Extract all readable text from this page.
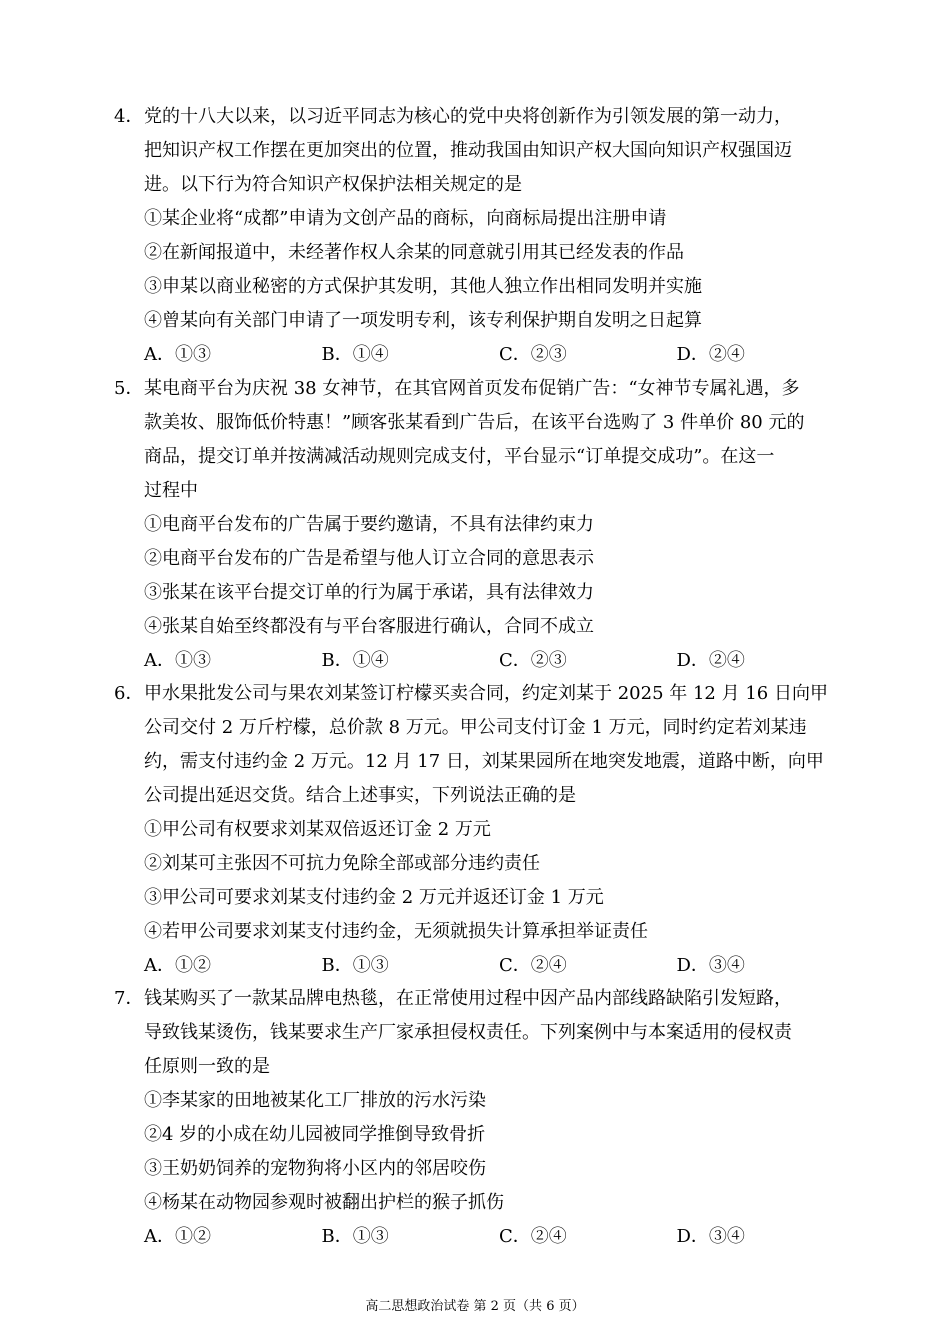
4． 党的十八大以来，以习近平同志为核心的党中央将创新作为引领发展的第一动力，
把知识产权工作摆在更加突出的位置，推动我国由知识产权大国向知识产权强国迈
进。以下行为符合知识产权保护法相关规定的是
①某企业将“成都”申请为文创产品的商标，向商标局提出注册申请
②在新闻报道中，未经著作权人余某的同意就引用其已经发表的作品
③申某以商业秘密的方式保护其发明，其他人独立作出相同发明并实施
④曾某向有关部门申请了一项发明专利，该专利保护期自发明之日起算
A．①③	B．①④	C．②③	D．②④
5． 某电商平台为庆祝 38 女神节，在其官网首页发布促销广告：“女神节专属礼遇，多
款美妆、服饰低价特惠！”顾客张某看到广告后，在该平台选购了 3 件单价 80 元的
商品，提交订单并按满减活动规则完成支付，平台显示“订单提交成功”。在这一
过程中
①电商平台发布的广告属于要约邀请，不具有法律约束力
②电商平台发布的广告是希望与他人订立合同的意思表示
③张某在该平台提交订单的行为属于承诺，具有法律效力
④张某自始至终都没有与平台客服进行确认，合同不成立
A．①③	B．①④	C．②③	D．②④
6． 甲水果批发公司与果农刘某签订柠檬买卖合同，约定刘某于 2025 年 12 月 16 日向甲
公司交付 2 万斤柠檬，总价款 8 万元。甲公司支付订金 1 万元，同时约定若刘某违
约，需支付违约金 2 万元。12 月 17 日，刘某果园所在地突发地震，道路中断，向甲
公司提出延迟交货。结合上述事实，下列说法正确的是
①甲公司有权要求刘某双倍返还订金 2 万元
②刘某可主张因不可抗力免除全部或部分违约责任
③甲公司可要求刘某支付违约金 2 万元并返还订金 1 万元
④若甲公司要求刘某支付违约金，无须就损失计算承担举证责任
A．①②	B．①③	C．②④	D．③④
7． 钱某购买了一款某品牌电热毯，在正常使用过程中因产品内部线路缺陷引发短路，
导致钱某烫伤，钱某要求生产厂家承担侵权责任。下列案例中与本案适用的侵权责
任原则一致的是
①李某家的田地被某化工厂排放的污水污染
②4 岁的小成在幼儿园被同学推倒导致骨折
③王奶奶饲养的宠物狗将小区内的邻居咬伤
④杨某在动物园参观时被翻出护栏的猴子抓伤
A．①②	B．①③	C．②④	D．③④
高二思想政治试卷 第 2 页（共 6 页）
